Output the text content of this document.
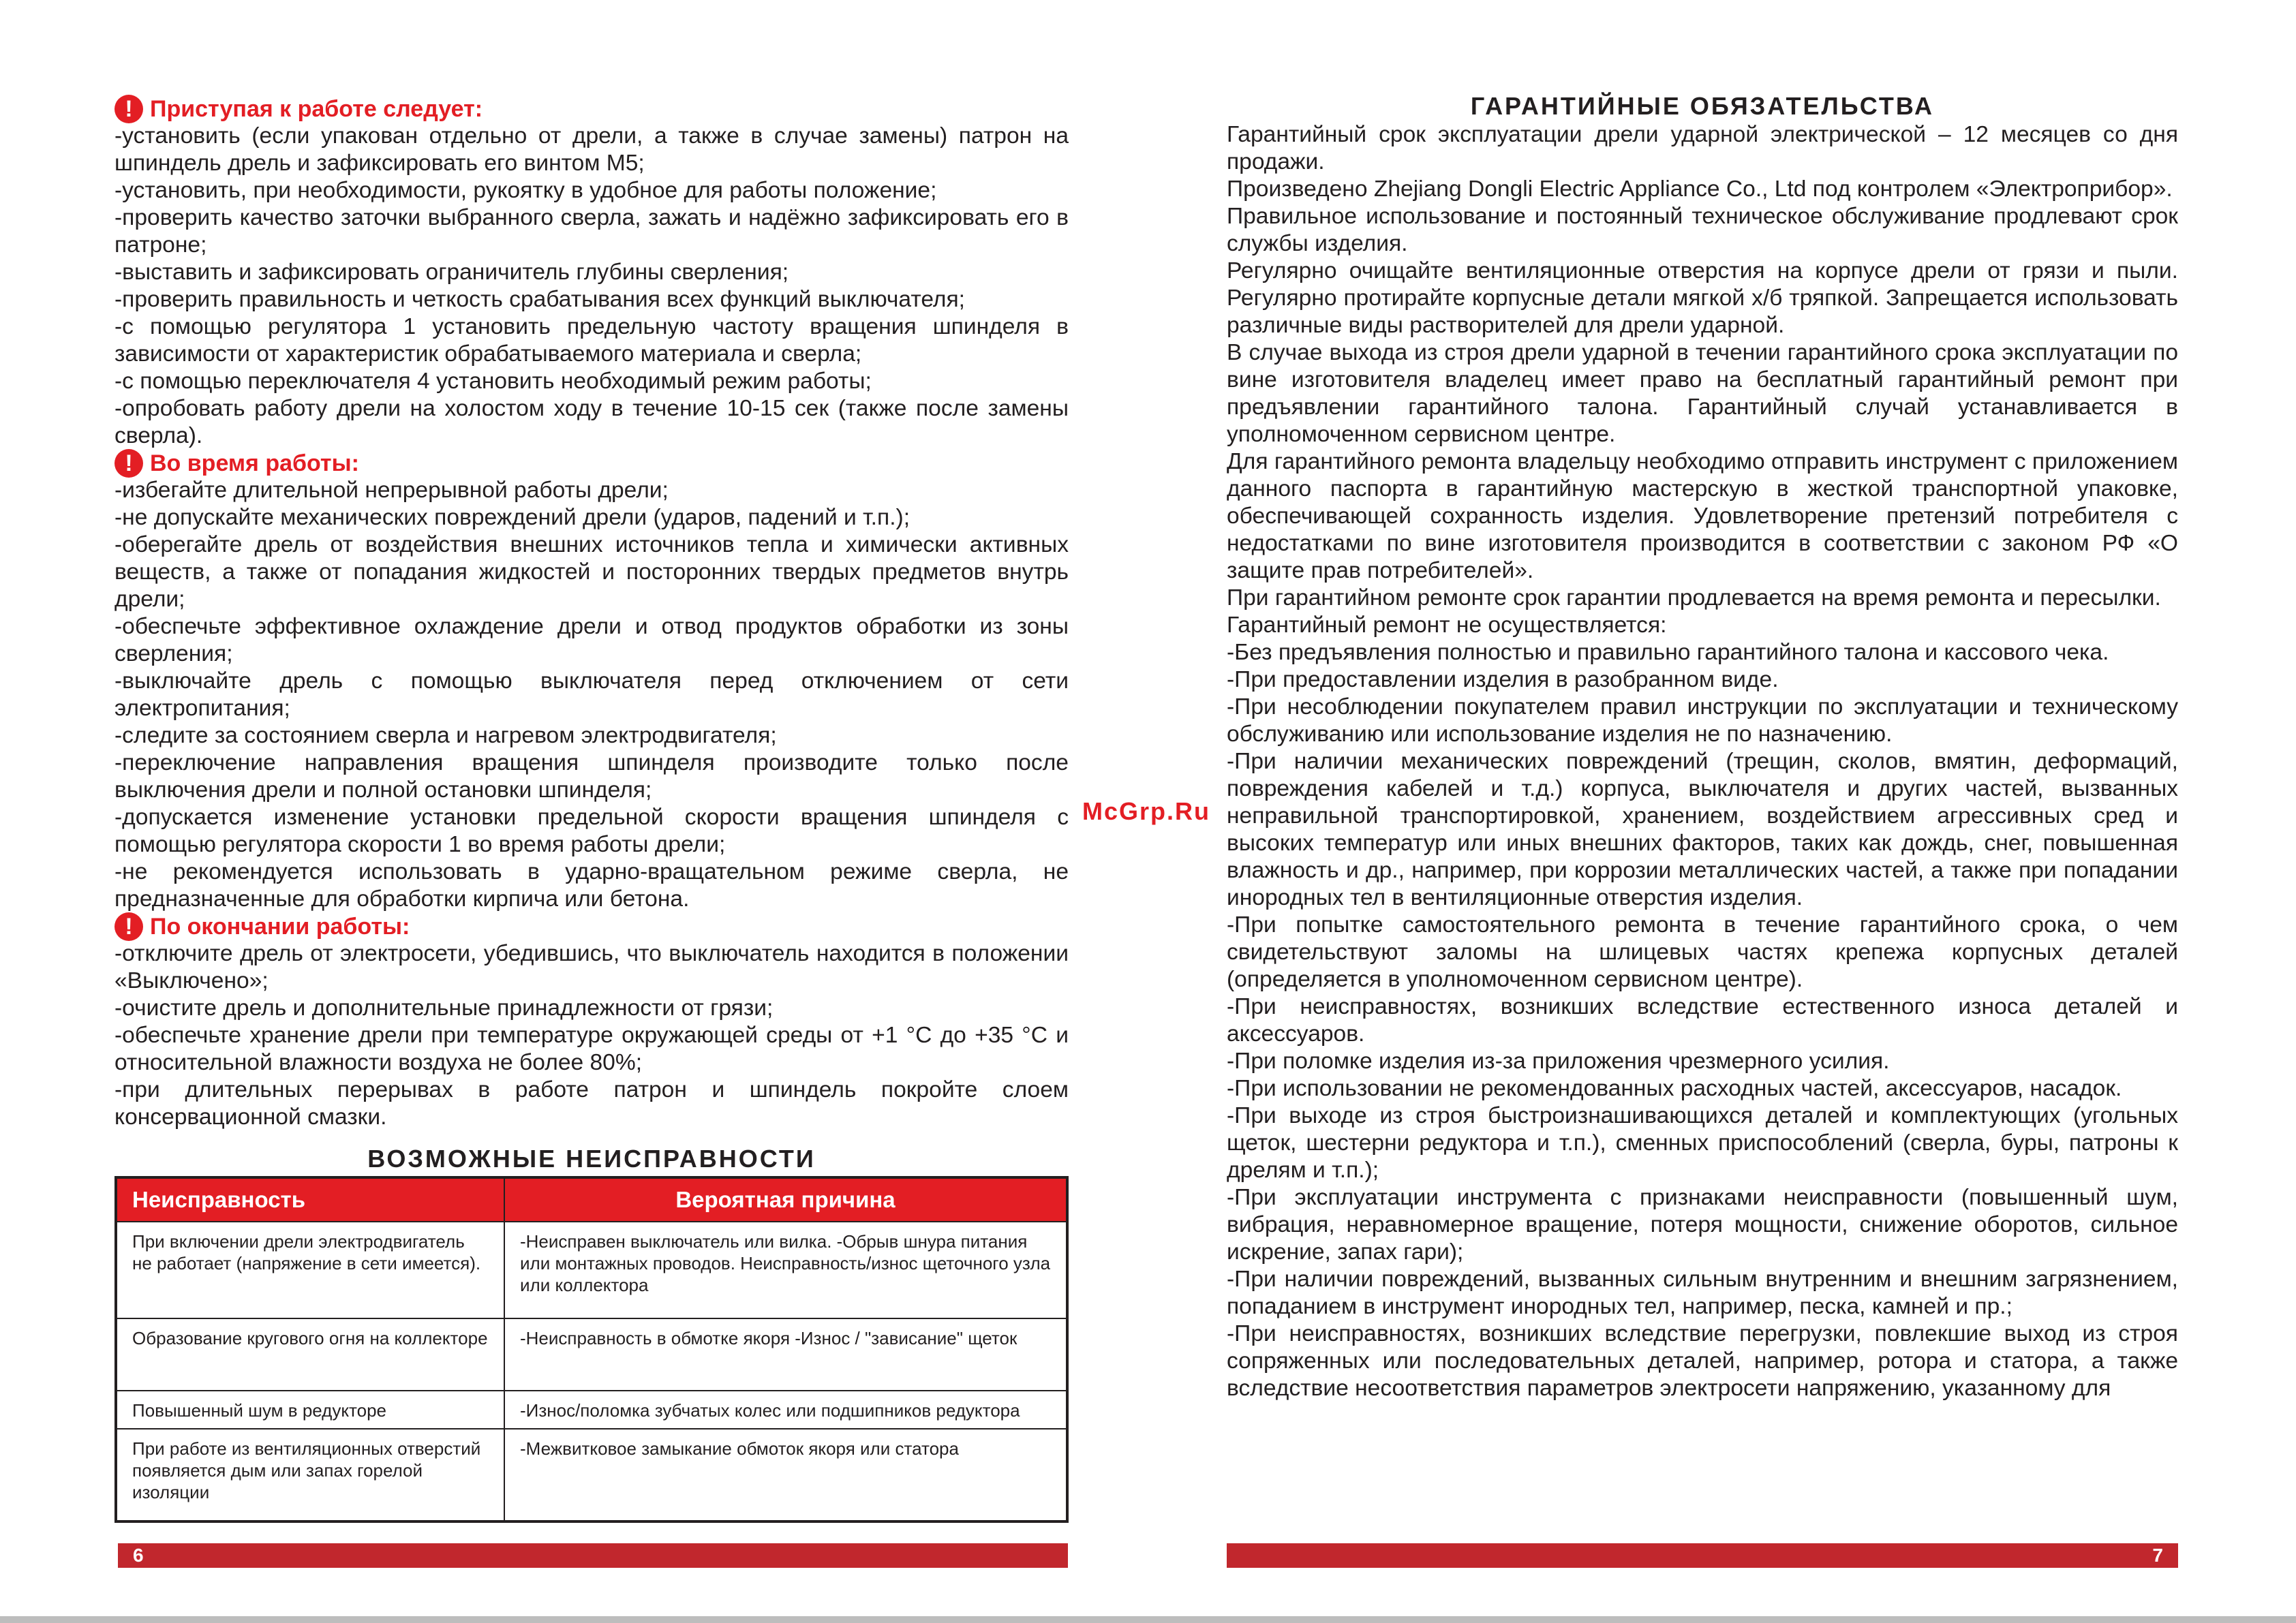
! Приступая к работе следует:

-установить (если упакован отдельно от дрели, а также в случае замены) патрон на шпиндель дрель и зафиксировать его винтом М5;

-установить, при необходимости, рукоятку в удобное для работы положение;

-проверить качество заточки выбранного сверла, зажать и надёжно зафиксировать его в патроне;

-выставить и зафиксировать ограничитель глубины сверления;

-проверить правильность и четкость срабатывания всех функций выключателя;

-с помощью регулятора 1 установить предельную частоту вращения шпинделя в зависимости от характеристик обрабатываемого материала и сверла;

-с помощью переключателя 4 установить необходимый режим работы;

-опробовать работу дрели на холостом ходу в течение 10-15 сек (также после замены сверла).

! Во время работы:

-избегайте длительной непрерывной работы дрели;

-не допускайте механических повреждений дрели (ударов, падений и т.п.);

-оберегайте дрель от воздействия внешних источников тепла и химически активных веществ, а также от попадания жидкостей и посторонних твердых предметов внутрь дрели;

-обеспечьте эффективное охлаждение дрели и отвод продуктов обработки из зоны сверления;

-выключайте дрель с помощью выключателя перед отключением от сети электропитания;

-следите за состоянием сверла и нагревом электродвигателя;

-переключение направления вращения шпинделя производите только после выключения дрели и полной остановки шпинделя;

-допускается изменение установки предельной скорости вращения шпинделя с помощью регулятора скорости 1 во время работы дрели;

-не рекомендуется использовать в ударно-вращательном режиме сверла, не предназначенные для обработки кирпича или бетона.

! По окончании работы:

-отключите дрель от электросети, убедившись, что выключатель находится в положении «Выключено»;

-очистите дрель и дополнительные принадлежности от грязи;

-обеспечьте хранение дрели при температуре окружающей среды от +1 °С до +35 °С и относительной влажности воздуха не более 80%;

-при длительных перерывах в работе патрон и шпиндель покройте слоем консервационной смазки.

ВОЗМОЖНЫЕ НЕИСПРАВНОСТИ
Неисправность	Вероятная причина
При включении дрели электродвигатель не работает (напряжение в сети имеется).	-Неисправен выключатель или вилка. -Обрыв шнура питания или монтажных проводов. Неисправность/износ щеточного узла или коллектора
Образование кругового огня на коллекторе	-Неисправность в обмотке якоря -Износ / "зависание" щеток
Повышенный шум в редукторе	-Износ/поломка зубчатых колес или подшипников редуктора
При работе из вентиляционных отверстий появляется дым или запах горелой изоляции	-Межвитковое замыкание обмоток якоря или статора
6
McGrp.Ru
ГАРАНТИЙНЫЕ ОБЯЗАТЕЛЬСТВА

Гарантийный срок эксплуатации дрели ударной электрической – 12 месяцев со дня продажи.

Произведено Zhejiang Dongli Electric Appliance Co., Ltd под контролем «Электроприбор».

Правильное использование и постоянный техническое обслуживание продлевают срок службы изделия.

Регулярно очищайте вентиляционные отверстия на корпусе дрели от грязи и пыли. Регулярно протирайте корпусные детали мягкой х/б тряпкой. Запрещается использовать различные виды растворителей для дрели ударной.

В случае выхода из строя дрели ударной в течении гарантийного срока эксплуатации по вине изготовителя владелец имеет право на бесплатный гарантийный ремонт при предъявлении гарантийного талона. Гарантийный случай устанавливается в уполномоченном сервисном центре.

Для гарантийного ремонта владельцу необходимо отправить инструмент с приложением данного паспорта в гарантийную мастерскую в жесткой транспортной упаковке, обеспечивающей сохранность изделия. Удовлетворение претензий потребителя с недостатками по вине изготовителя производится в соответствии с законом РФ «О защите прав потребителей».

При гарантийном ремонте срок гарантии продлевается на время ремонта и пересылки.

Гарантийный ремонт не осуществляется:

-Без предъявления полностью и правильно гарантийного талона и кассового чека.

-При предоставлении изделия в разобранном виде.

-При несоблюдении покупателем правил инструкции по эксплуатации и техническому обслуживанию или использование изделия не по назначению.

-При наличии механических повреждений (трещин, сколов, вмятин, деформаций, повреждения кабелей и т.д.) корпуса, выключателя и других частей, вызванных неправильной транспортировкой, хранением, воздействием агрессивных сред и высоких температур или иных внешних факторов, таких как дождь, снег, повышенная влажность и др., например, при коррозии металлических частей, а также при попадании инородных тел в вентиляционные отверстия изделия.

-При попытке самостоятельного ремонта в течение гарантийного срока, о чем свидетельствуют заломы на шлицевых частях крепежа корпусных деталей (определяется в уполномоченном сервисном центре).

-При неисправностях, возникших вследствие естественного износа деталей и аксессуаров.

-При поломке изделия из-за приложения чрезмерного усилия.

-При использовании не рекомендованных расходных частей, аксессуаров, насадок.

-При выходе из строя быстроизнашивающихся деталей и комплектующих (угольных щеток, шестерни редуктора и т.п.), сменных приспособлений (сверла, буры, патроны к дрелям и т.п.);

-При эксплуатации инструмента с признаками неисправности (повышенный шум, вибрация, неравномерное вращение, потеря мощности, снижение оборотов, сильное искрение, запах гари);

-При наличии повреждений, вызванных сильным внутренним и внешним загрязнением, попаданием в инструмент инородных тел, например, песка, камней и пр.;

-При неисправностях, возникших вследствие перегрузки, повлекшие выход из строя сопряженных или последовательных деталей, например, ротора и статора, а также вследствие несоответствия параметров электросети напряжению, указанному для

7
